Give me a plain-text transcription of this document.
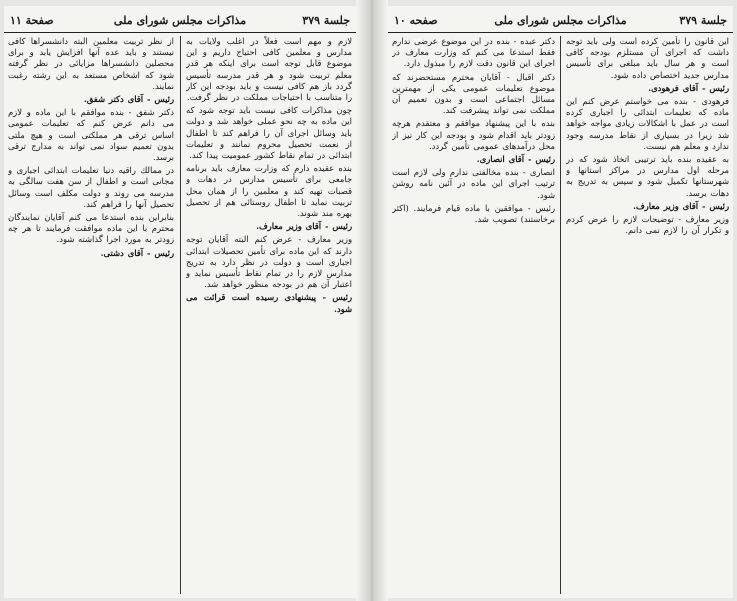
جلسة ٣٧٩
مذاكرات مجلس شوراى ملى
صفحة ۱۱

لازم و مهم است فعلاً در اغلب ولايات به مدارس و معلمين كافى احتياج داريم و اين موضوع قابل توجه است براى اينكه هر قدر معلم تربيت شود و هر قدر مدرسه تأسيس گردد باز هم كافى نيست و بايد بودجه اين كار را متناسب با احتياجات مملكت در نظر گرفت.

چون مذاكرات كافى نيست بايد توجه شود كه اين ماده به چه نحو عملى خواهد شد و دولت بايد وسائل اجراى آن را فراهم كند تا اطفال از نعمت تحصيل محروم نمانند و تعليمات ابتدائى در تمام نقاط كشور عموميت پيدا كند.

بنده عقيده دارم كه وزارت معارف بايد برنامه جامعى براى تأسيس مدارس در دهات و قصبات تهيه كند و معلمين را از همان محل تربيت نمايد تا اطفال روستائى هم از تحصيل بهره مند شوند.

رئيس - آقاى وزير معارف.

وزير معارف - عرض كنم البته آقايان توجه دارند كه اين ماده براى تأمين تحصيلات ابتدائى اجبارى است و دولت در نظر دارد به تدريج مدارس لازم را در تمام نقاط تأسيس نمايد و اعتبار آن هم در بودجه منظور خواهد شد.

رئيس - پيشنهادى رسيده است قرائت مى شود.

از نظر تربيت معلمين البته دانشسراها كافى نيستند و بايد عده آنها افزايش يابد و براى محصلين دانشسراها مزايائى در نظر گرفته شود كه اشخاص مستعد به اين رشته رغبت نمايند.

رئيس - آقاى دكتر شفق.

دكتر شفق - بنده موافقم با اين ماده و لازم مى دانم عرض كنم كه تعليمات عمومى اساس ترقى هر مملكتى است و هيچ ملتى بدون تعميم سواد نمى تواند به مدارج ترقى برسد.

در ممالك راقيه دنيا تعليمات ابتدائى اجبارى و مجانى است و اطفال از سن هفت سالگى به مدرسه مى روند و دولت مكلف است وسائل تحصيل آنها را فراهم كند.

بنابراين بنده استدعا مى كنم آقايان نمايندگان محترم با اين ماده موافقت فرمايند تا هر چه زودتر به مورد اجرا گذاشته شود.

رئيس - آقاى دشتى.

جلسة ٣٧٩
مذاكرات مجلس شوراى ملى
صفحه ١٠

اين قانون را تأمين كرده است ولى بايد توجه داشت كه اجراى آن مستلزم بودجه كافى است و هر سال بايد مبلغى براى تأسيس مدارس جديد اختصاص داده شود.

رئيس - آقاى فرهودى.

فرهودى - بنده مى خواستم عرض كنم اين ماده كه تعليمات ابتدائى را اجبارى كرده است در عمل با اشكالات زيادى مواجه خواهد شد زيرا در بسيارى از نقاط مدرسه وجود ندارد و معلم هم نيست.

به عقيده بنده بايد ترتيبى اتخاذ شود كه در مرحله اول مدارس در مراكز استانها و شهرستانها تكميل شود و سپس به تدريج به دهات برسد.

رئيس - آقاى وزير معارف.

وزير معارف - توضيحات لازم را عرض كردم و تكرار آن را لازم نمى دانم.

دكتر عبده - بنده در اين موضوع عرضى ندارم فقط استدعا مى كنم كه وزارت معارف در اجراى اين قانون دقت لازم را مبذول دارد.

دكتر اقبال - آقايان محترم مستحضرند كه موضوع تعليمات عمومى يكى از مهمترين مسائل اجتماعى است و بدون تعميم آن مملكت نمى تواند پيشرفت كند.

بنده با اين پيشنهاد موافقم و معتقدم هرچه زودتر بايد اقدام شود و بودجه اين كار نيز از محل درآمدهاى عمومى تأمين گردد.

رئيس - آقاى انصارى.

انصارى - بنده مخالفتى ندارم ولى لازم است ترتيب اجراى اين ماده در آئين نامه روشن شود.

رئيس - موافقين با ماده قيام فرمايند. (اكثر برخاستند) تصويب شد.
